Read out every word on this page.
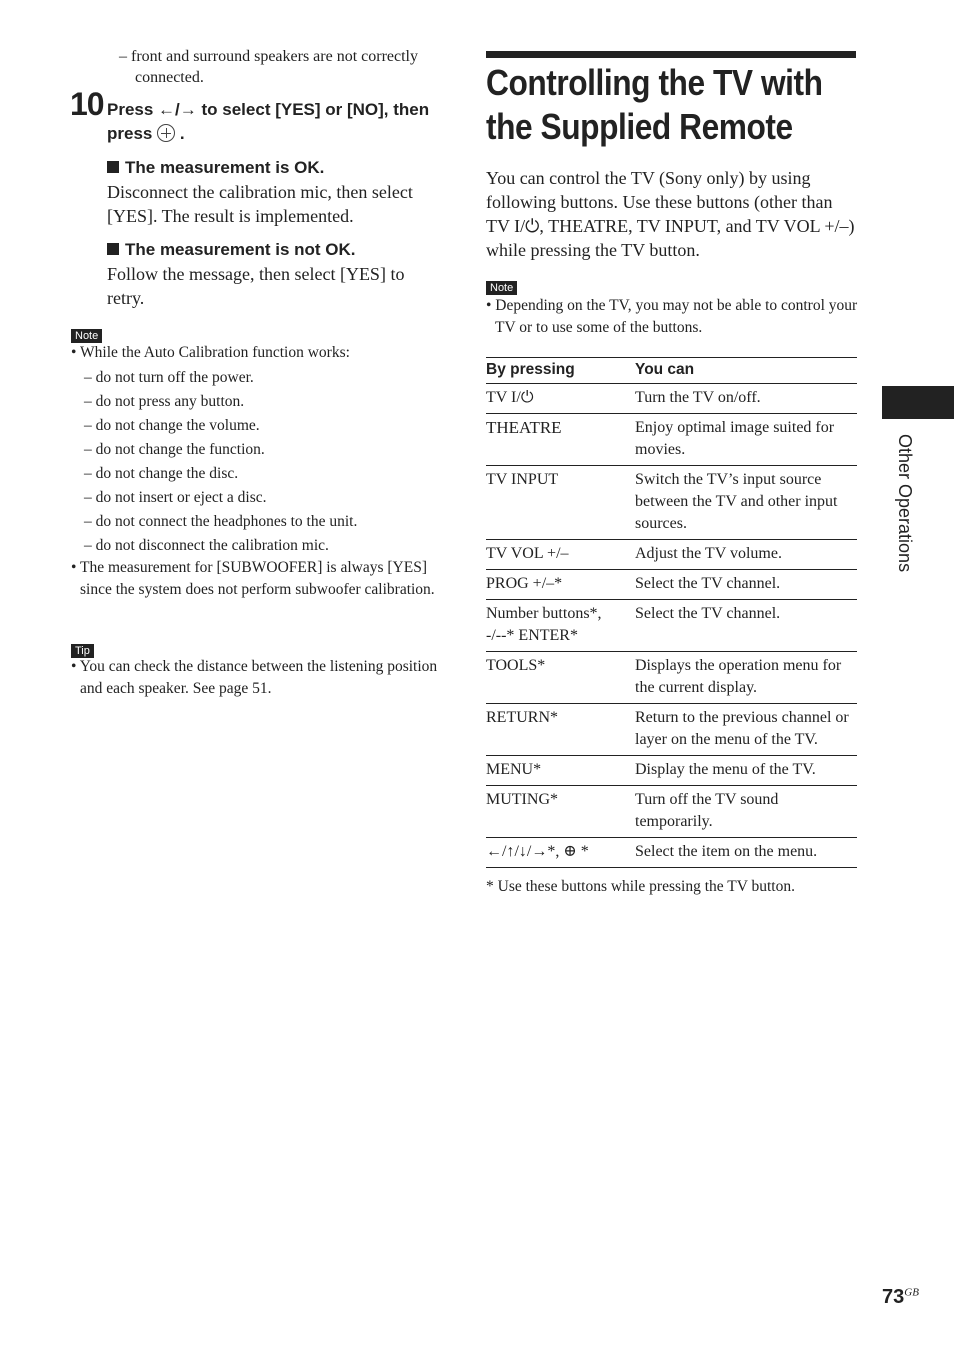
– front and surround speakers are not correctly connected.
10 Press ←/→ to select [YES] or [NO], then
press  .
The measurement is OK.
Disconnect the calibration mic, then select [YES]. The result is implemented.
The measurement is not OK.
Follow the message, then select [YES] to retry.
Note
• While the Auto Calibration function works:
– do not turn off the power.
– do not press any button.
– do not change the volume.
– do not change the function.
– do not change the disc.
– do not insert or eject a disc.
– do not connect the headphones to the unit.
– do not disconnect the calibration mic.
• The measurement for [SUBWOOFER] is always [YES] since the system does not perform subwoofer calibration.
Tip
• You can check the distance between the listening position and each speaker. See page 51.
Controlling the TV with the Supplied Remote
You can control the TV (Sony only) by using following buttons. Use these buttons (other than TV I/⏻, THEATRE, TV INPUT, and TV VOL +/–) while pressing the TV button.
Note
• Depending on the TV, you may not be able to control your TV or to use some of the buttons.
By pressing	You can
TV I/⏻	Turn the TV on/off.
THEATRE	Enjoy optimal image suited for movies.
TV INPUT	Switch the TV’s input source between the TV and other input sources.
TV VOL +/–	Adjust the TV volume.
PROG +/–*	Select the TV channel.
Number buttons*, -/--* ENTER*	Select the TV channel.
TOOLS*	Displays the operation menu for the current display.
RETURN*	Return to the previous channel or layer on the menu of the TV.
MENU*	Display the menu of the TV.
MUTING*	Turn off the TV sound temporarily.
←/↑/↓/→*, ⊕ *	Select the item on the menu.
* Use these buttons while pressing the TV button.
Other Operations
$73^{GB}$
